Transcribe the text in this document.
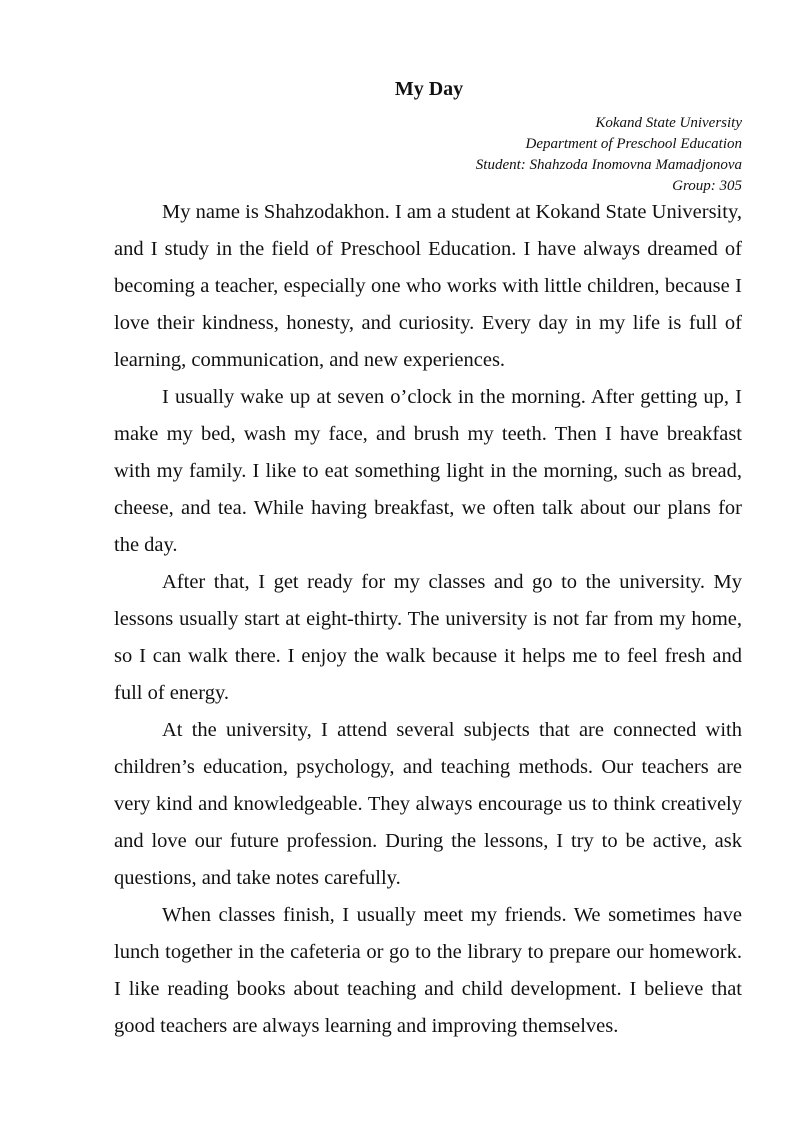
My Day
Kokand State University
Department of Preschool Education
Student: Shahzoda Inomovna Mamadjonova
Group: 305

My name is Shahzodakhon. I am a student at Kokand State University, and I study in the field of Preschool Education. I have always dreamed of becoming a teacher, especially one who works with little children, because I love their kindness, honesty, and curiosity. Every day in my life is full of learning, communication, and new experiences.

I usually wake up at seven o’clock in the morning. After getting up, I make my bed, wash my face, and brush my teeth. Then I have breakfast with my family. I like to eat something light in the morning, such as bread, cheese, and tea. While having breakfast, we often talk about our plans for the day.

After that, I get ready for my classes and go to the university. My lessons usually start at eight-thirty. The university is not far from my home, so I can walk there. I enjoy the walk because it helps me to feel fresh and full of energy.

At the university, I attend several subjects that are connected with children’s education, psychology, and teaching methods. Our teachers are very kind and knowledgeable. They always encourage us to think creatively and love our future profession. During the lessons, I try to be active, ask questions, and take notes carefully.

When classes finish, I usually meet my friends. We sometimes have lunch together in the cafeteria or go to the library to prepare our homework. I like reading books about teaching and child development. I believe that good teachers are always learning and improving themselves.
